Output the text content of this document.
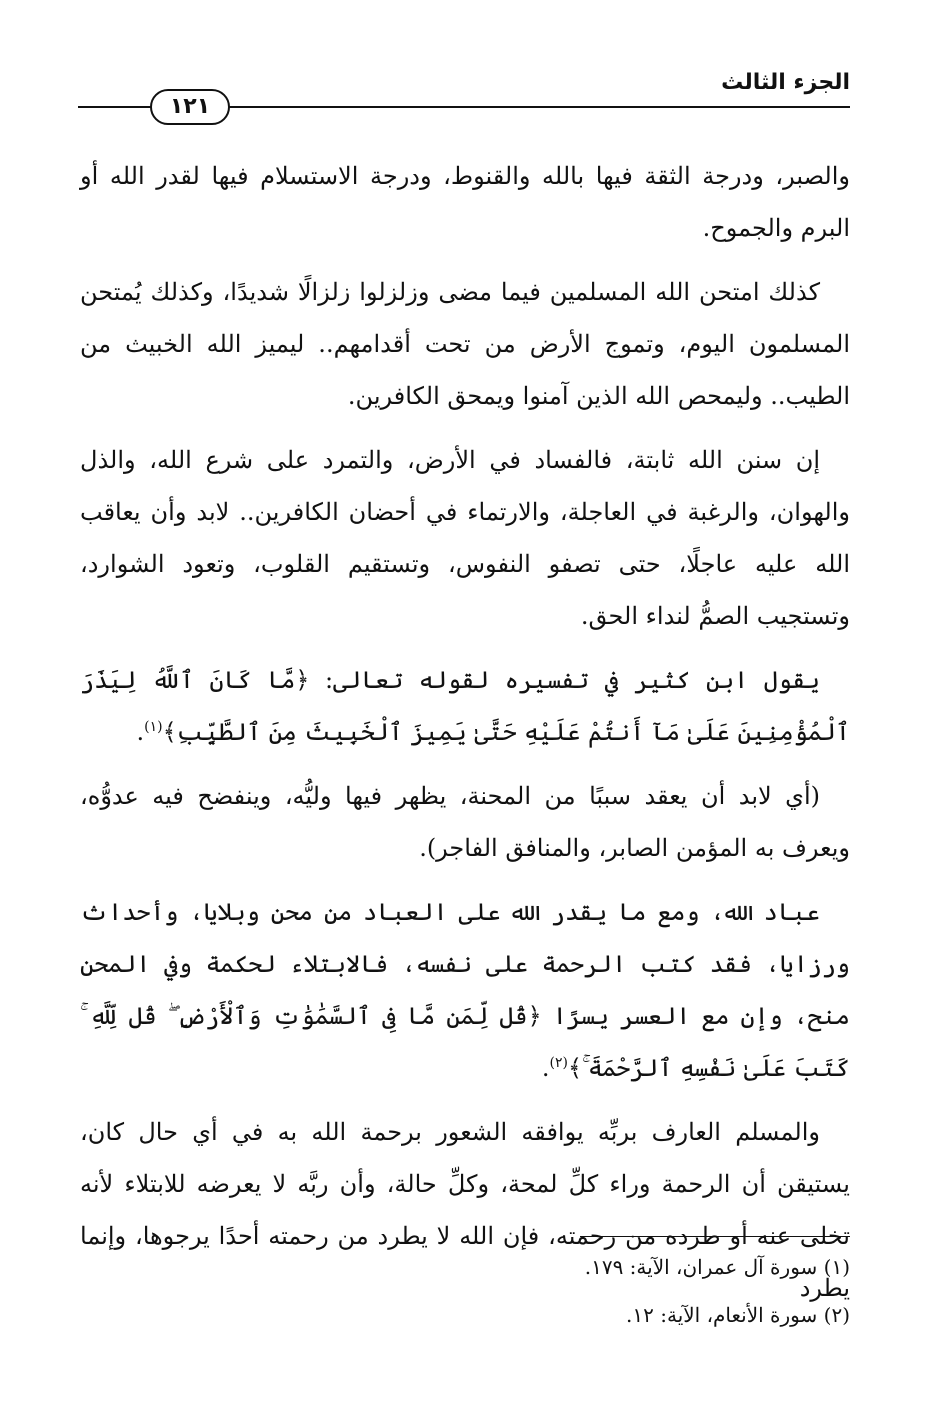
الجزء الثالث
١٢١

والصبر، ودرجة الثقة فيها بالله والقنوط، ودرجة الاستسلام فيها لقدر الله أو البرم والجموح.

كذلك امتحن الله المسلمين فيما مضى وزلزلوا زلزالًا شديدًا، وكذلك يُمتحن المسلمون اليوم، وتموج الأرض من تحت أقدامهم.. ليميز الله الخبيث من الطيب.. وليمحص الله الذين آمنوا ويمحق الكافرين.

إن سنن الله ثابتة، فالفساد في الأرض، والتمرد على شرع الله، والذل والهوان، والرغبة في العاجلة، والارتماء في أحضان الكافرين.. لابد وأن يعاقب الله عليه عاجلًا، حتى تصفو النفوس، وتستقيم القلوب، وتعود الشوارد، وتستجيب الصمُّ لنداء الحق.

يقول ابن كثير في تفسيره لقوله تعالى: ﴿مَّا كَانَ ٱللَّهُ لِيَذَرَ ٱلْمُؤْمِنِينَ عَلَىٰ مَآ أَنتُمْ عَلَيْهِ حَتَّىٰ يَمِيزَ ٱلْخَبِيثَ مِنَ ٱلطَّيِّبِ﴾$^{(١)}$.

(أي لابد أن يعقد سببًا من المحنة، يظهر فيها وليُّه، وينفضح فيه عدوُّه، ويعرف به المؤمن الصابر، والمنافق الفاجر).

عباد الله، ومع ما يقدر الله على العباد من محن وبلايا، وأحداث ورزايا، فقد كتب الرحمة على نفسه، فالابتلاء لحكمة وفي المحن منح، وإن مع العسر يسرًا ﴿قُل لِّمَن مَّا فِى ٱلسَّمَٰوَٰتِ وَٱلْأَرْضِ ۖ قُل لِّلَّهِ ۚ كَتَبَ عَلَىٰ نَفْسِهِ ٱلرَّحْمَةَ ۚ﴾$^{(٢)}$.

والمسلم العارف بربِّه يوافقه الشعور برحمة الله به في أي حال كان، يستيقن أن الرحمة وراء كلِّ لمحة، وكلِّ حالة، وأن ربَّه لا يعرضه للابتلاء لأنه تخلى عنه أو طرده من رحمته، فإن الله لا يطرد من رحمته أحدًا يرجوها، وإنما يطرد

(١) سورة آل عمران، الآية: ١٧٩.

(٢) سورة الأنعام، الآية: ١٢.
